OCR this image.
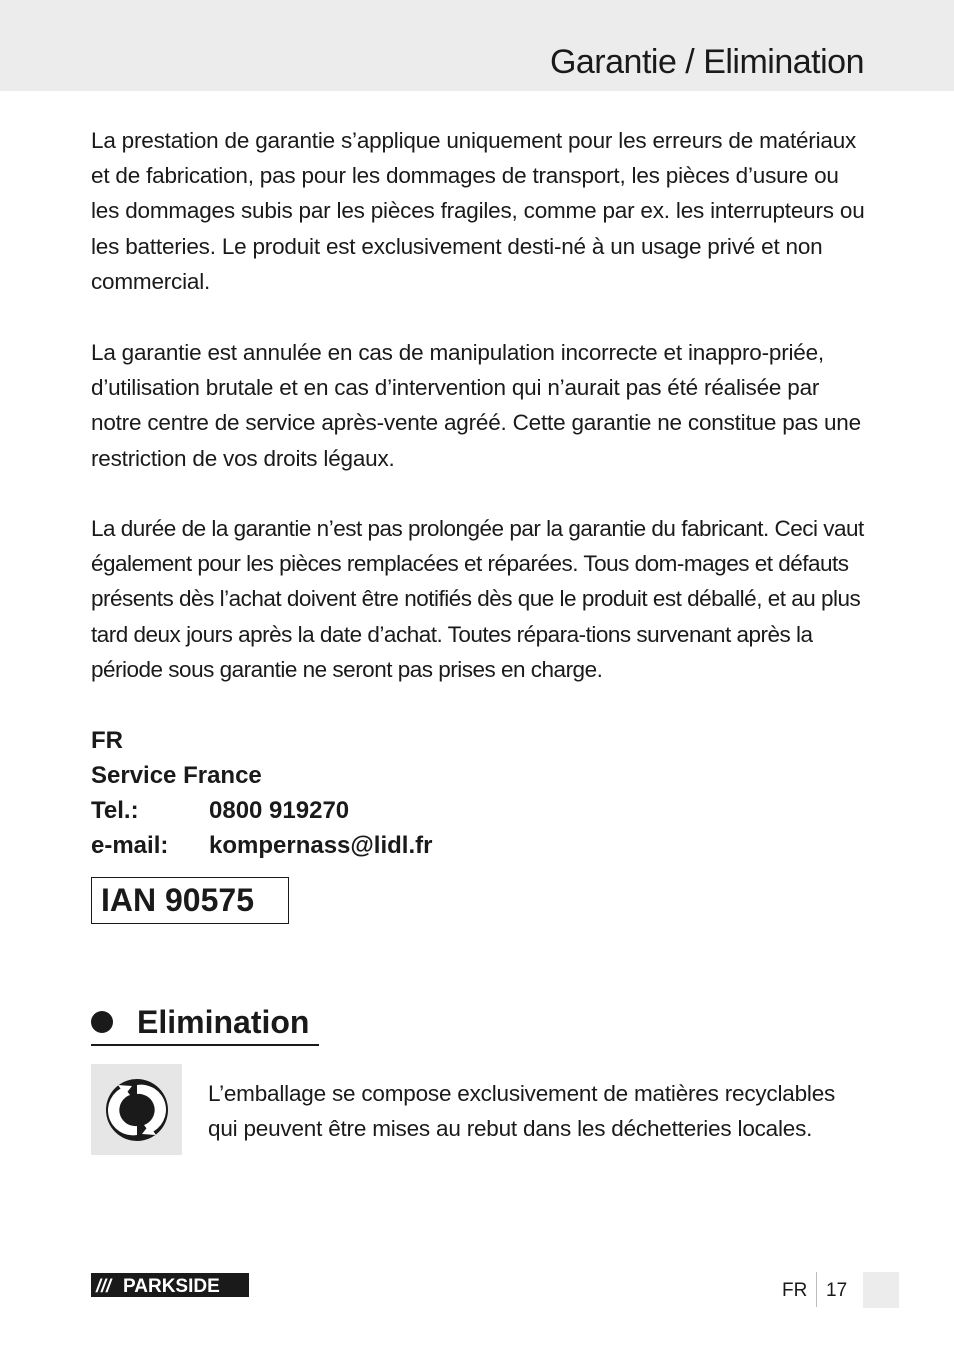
Garantie / Elimination

La prestation de garantie s’applique uniquement pour les erreurs de matériaux et de fabrication, pas pour les dommages de transport, les pièces d’usure ou les dommages subis par les pièces fragiles, comme par ex. les interrupteurs ou les batteries. Le produit est exclusivement desti-né à un usage privé et non commercial.

La garantie est annulée en cas de manipulation incorrecte et inappro-priée, d’utilisation brutale et en cas d’intervention qui n’aurait pas été réalisée par notre centre de service après-vente agréé. Cette garantie ne constitue pas une restriction de vos droits légaux.

La durée de la garantie n’est pas prolongée par la garantie du fabricant. Ceci vaut également pour les pièces remplacées et réparées. Tous dom-mages et défauts présents dès l’achat doivent être notifiés dès que le produit est déballé, et au plus tard deux jours après la date d’achat. Toutes répara-tions survenant après la période sous garantie ne seront pas prises en charge.

FR
Service France
Tel.:	0800 919270
e-mail:	kompernass@lidl.fr
IAN 90575
Elimination

L’emballage se compose exclusivement de matières recyclables qui peuvent être mises au rebut dans les déchetteries locales.

/// PARKSIDE	FR 17
